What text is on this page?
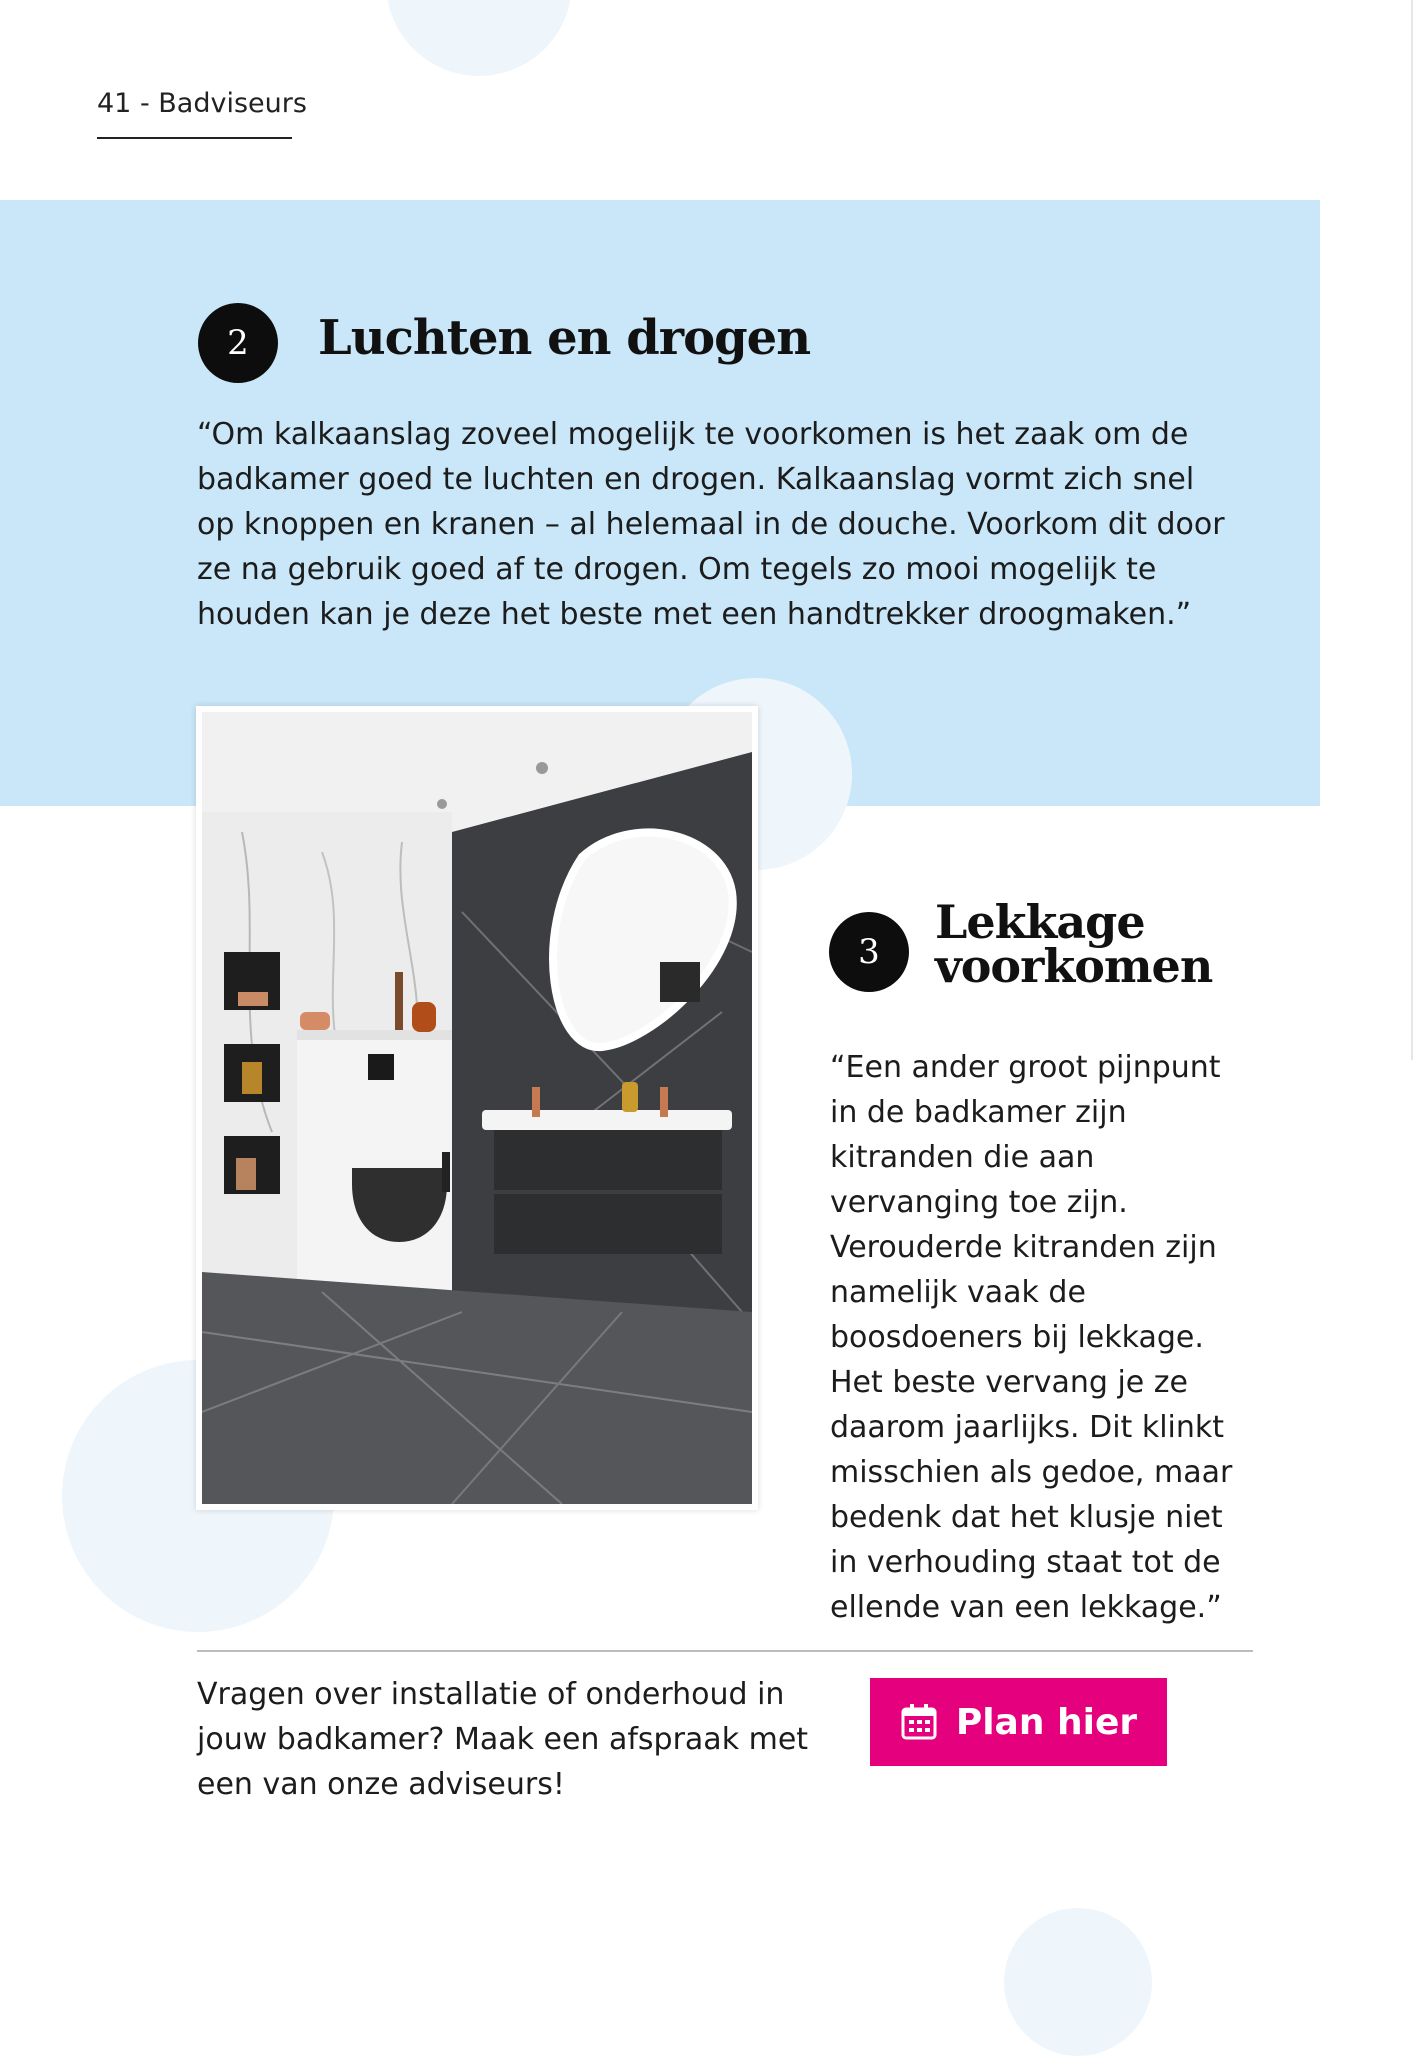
41 - Badviseurs
2	Luchten en drogen
“Om kalkaanslag zoveel mogelijk te voorkomen is het zaak om de badkamer goed te luchten en drogen. Kalkaanslag vormt zich snel op knoppen en kranen – al helemaal in de douche. Voorkom dit door ze na gebruik goed af te drogen. Om tegels zo mooi mogelijk te houden kan je deze het beste met een handtrekker droogmaken.”
3
Lekkage
voorkomen
“Een ander groot pijnpunt in de badkamer zijn kitranden die aan vervanging toe zijn. Verouderde kitranden zijn namelijk vaak de boosdoeners bij lekkage. Het beste vervang je ze daarom jaarlijks. Dit klinkt misschien als gedoe, maar bedenk dat het klusje niet in verhouding staat tot de ellende van een lekkage.”
Vragen over installatie of onderhoud in jouw badkamer? Maak een afspraak met een van onze adviseurs!
Plan hier
